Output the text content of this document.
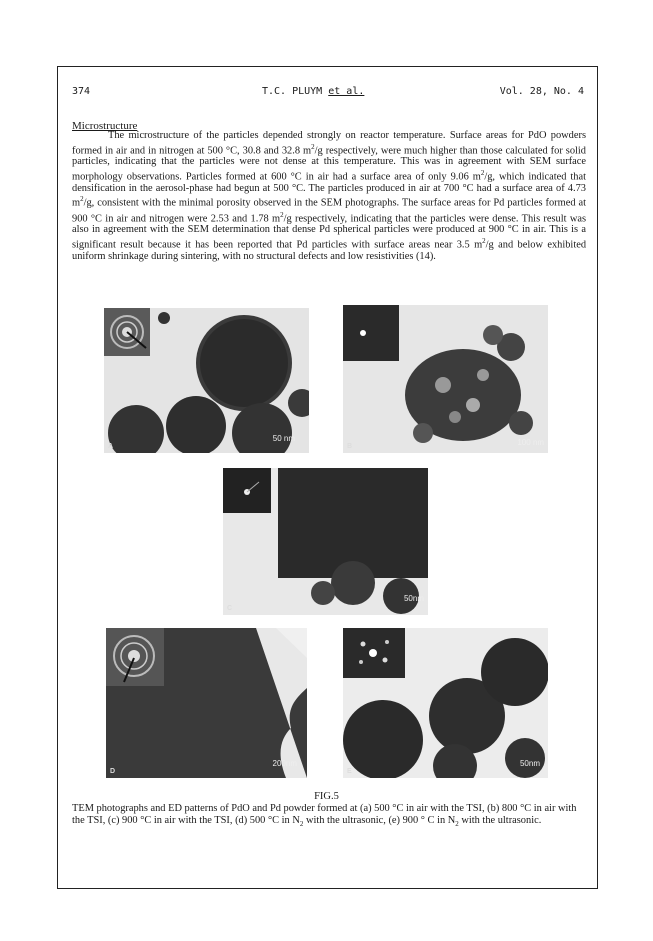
374	T.C. PLUYM et al.	Vol. 28, No. 4
Microstructure

The microstructure of the particles depended strongly on reactor temperature. Surface areas for PdO powders formed in air and in nitrogen at 500 °C, 30.8 and 32.8 $m^2/g$ respectively, were much higher than those calculated for solid particles, indicating that the particles were not dense at this temperature. This was in agreement with SEM surface morphology observations. Particles formed at 600 °C in air had a surface area of only 9.06 $m^2/g$, which indicated that densification in the aerosol-phase had begun at 500 °C. The particles produced in air at 700 °C had a surface area of 4.73 $m^2/g$, consistent with the minimal porosity observed in the SEM photographs. The surface areas for Pd particles formed at 900 °C in air and nitrogen were 2.53 and 1.78 $m^2/g$ respectively, indicating that the particles were dense. This result was also in agreement with the SEM determination that dense Pd spherical particles were produced at 900 °C in air. This is a significant result because it has been reported that Pd particles with surface areas near 3.5 $m^2/g$ and below exhibited uniform shrinkage during sintering, with no structural defects and low resistivities (14).

A
50 nm
B	100 nm
C
50nm
D
200nm
E
50nm
FIG.5

TEM photographs and ED patterns of PdO and Pd powder formed at (a) 500 °C in air with the TSI, (b) 800 °C in air with the TSI, (c) 900 °C in air with the TSI, (d) 500 °C in $N_2$ with the ultrasonic, (e) 900 ° C in $N_2$ with the ultrasonic.
